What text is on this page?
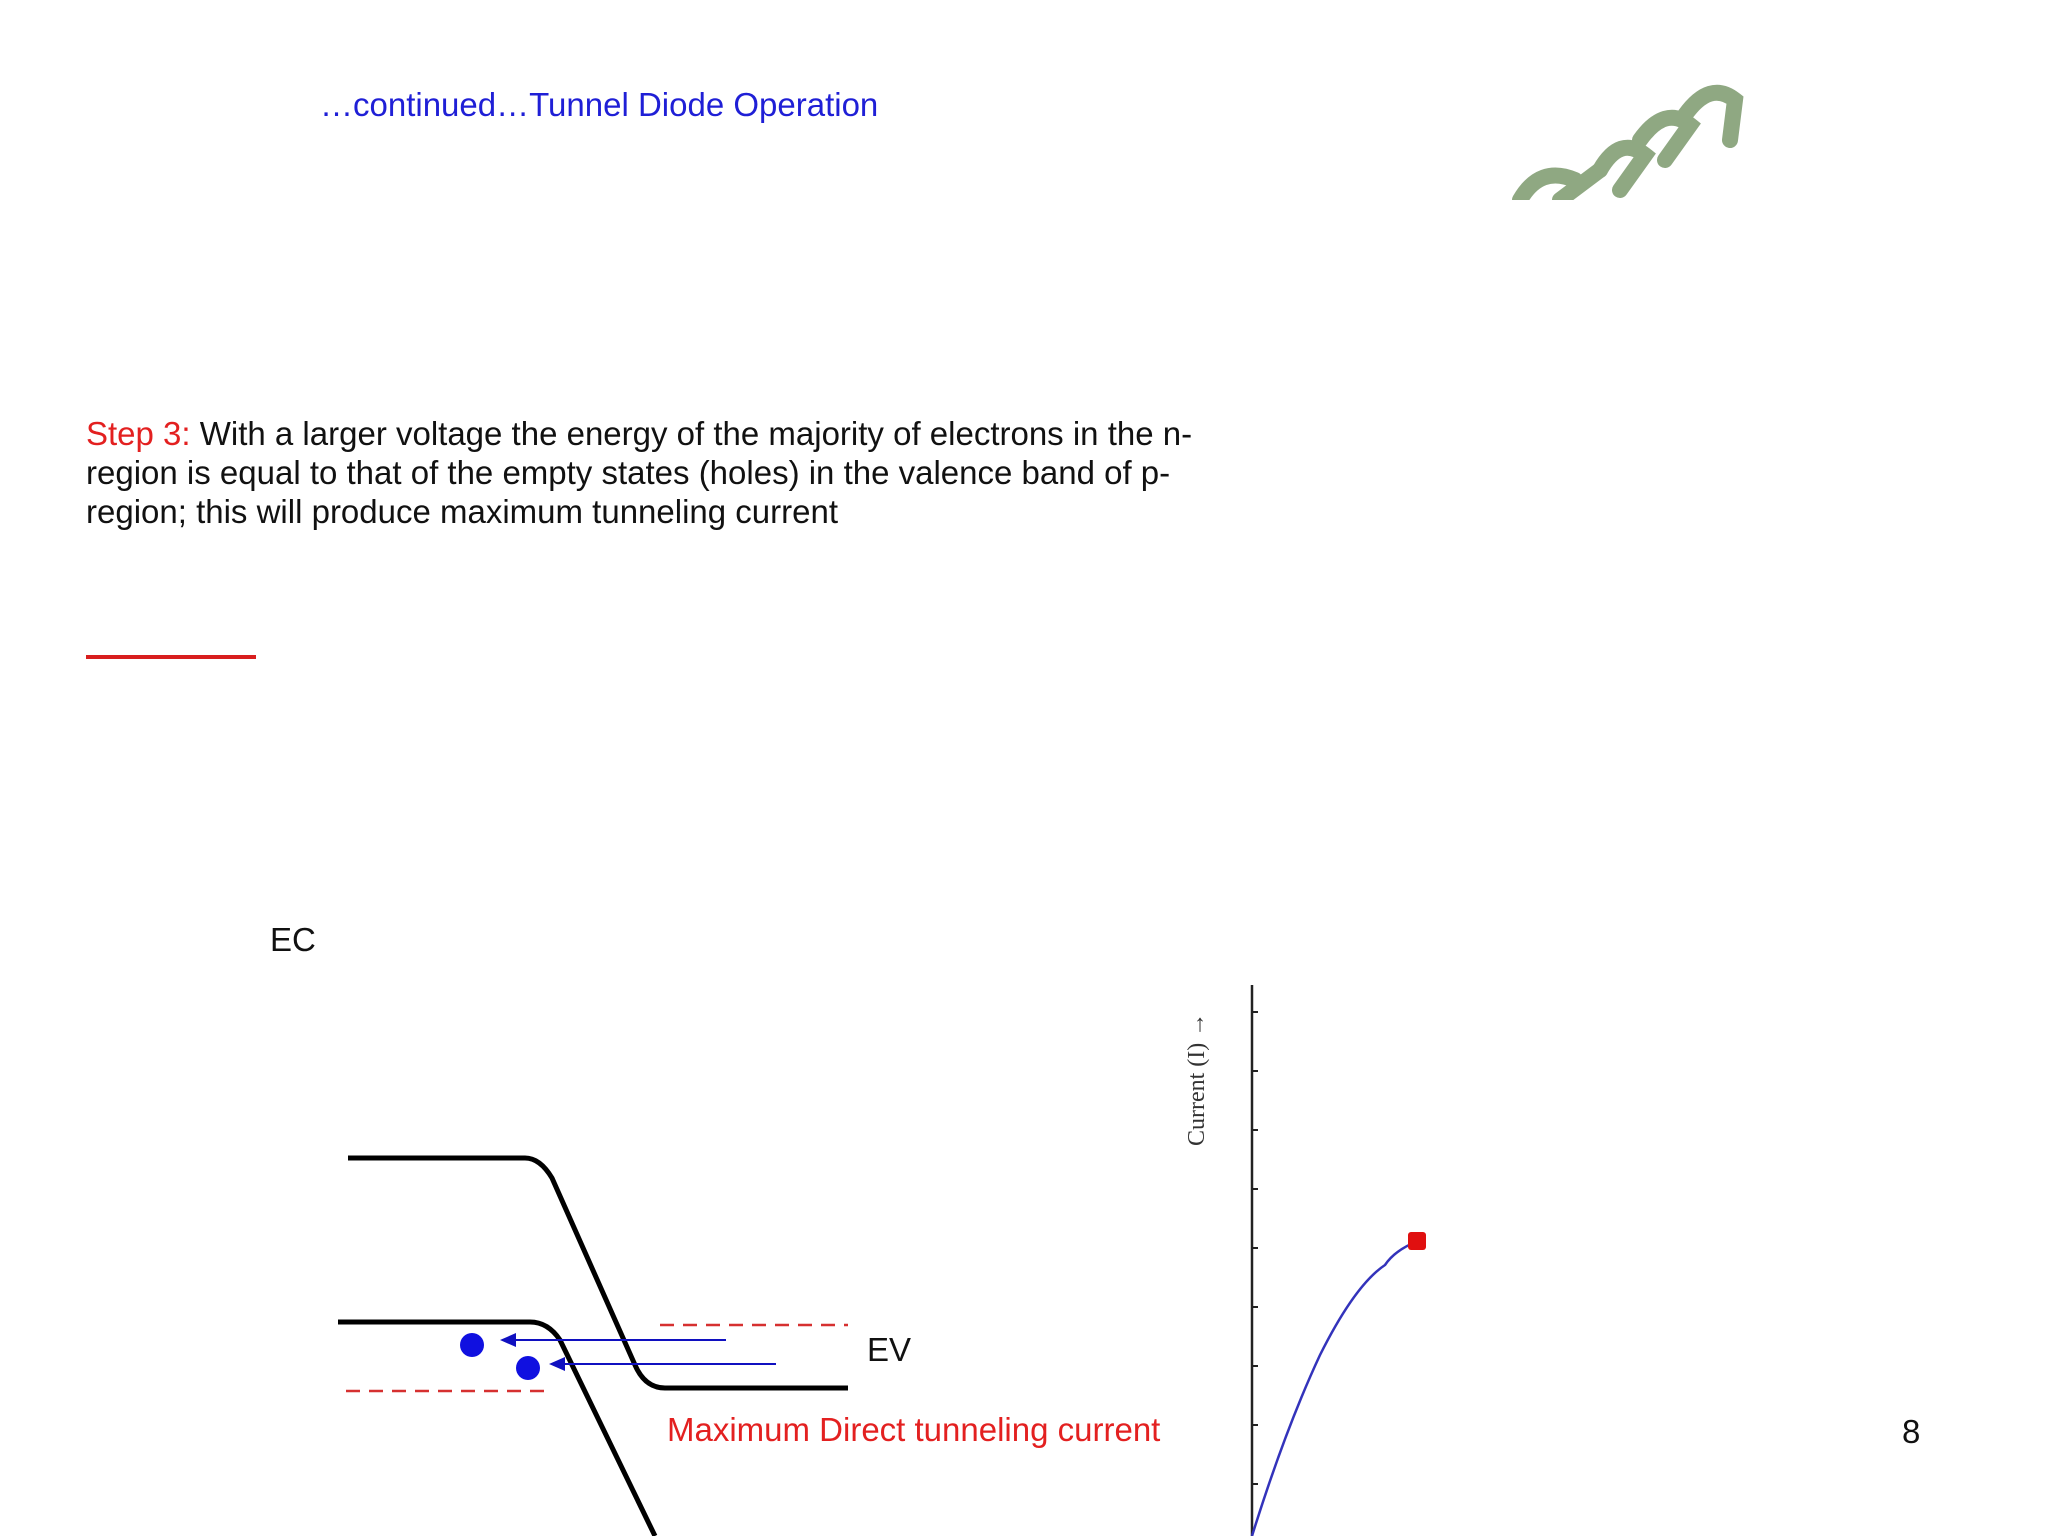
…continued…Tunnel Diode Operation
Step 3: With a larger voltage the energy of the majority of electrons in the n-region is equal to that of the empty states (holes) in the valence band of p-region; this will produce maximum tunneling current
Current (I) →
EC
EV
Maximum Direct tunneling current	8
